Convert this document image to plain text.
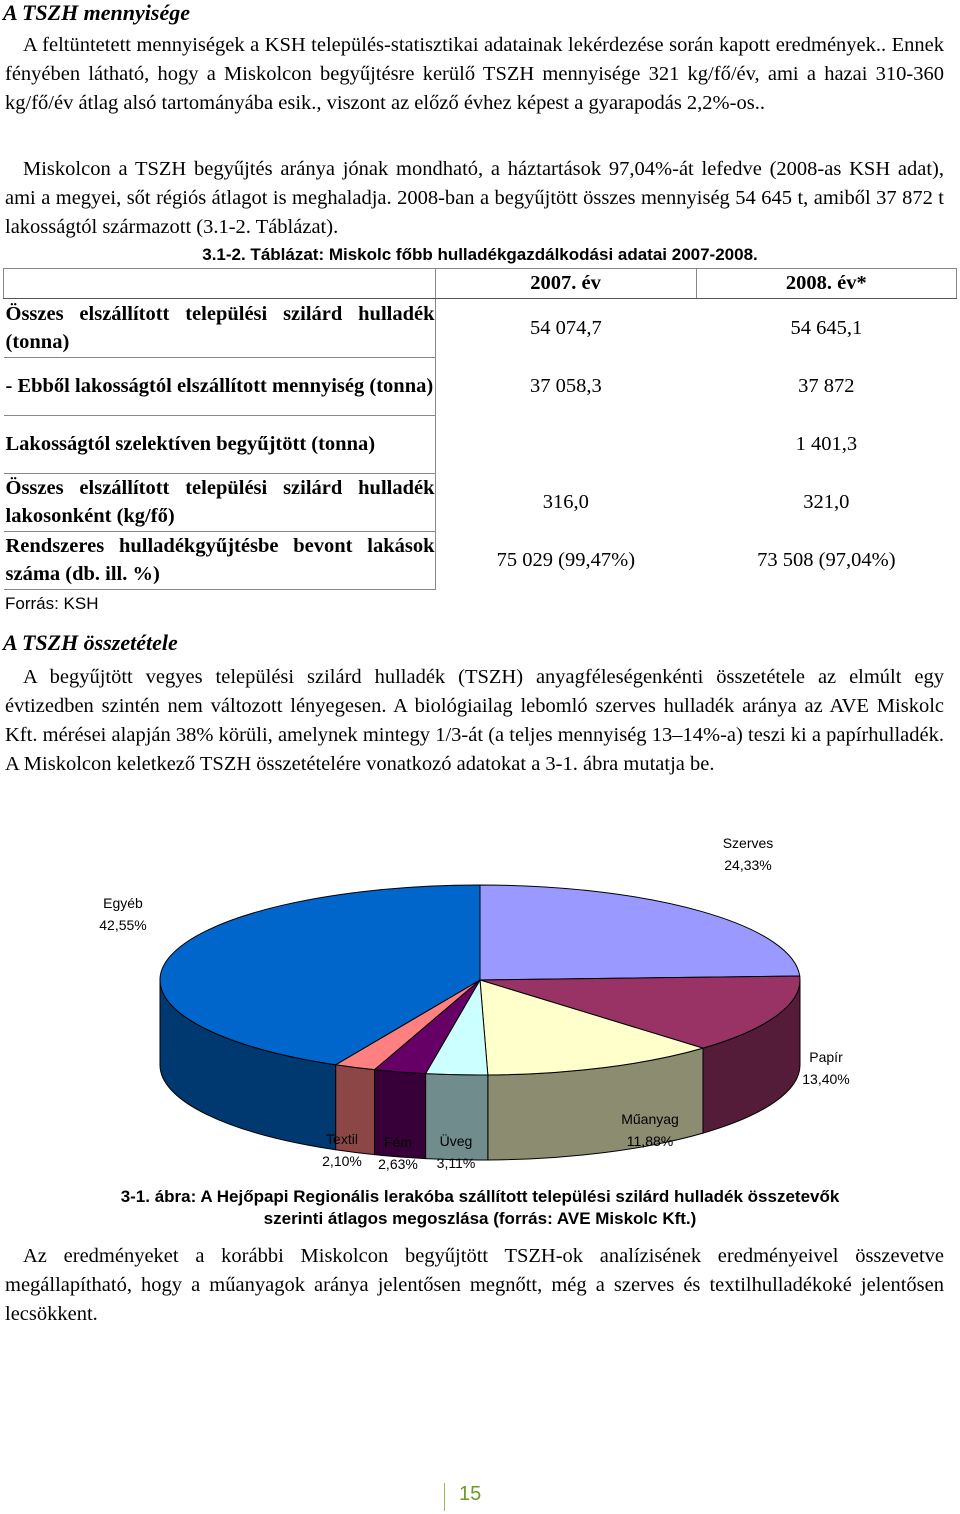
A TSZH mennyisége

A feltüntetett mennyiségek a KSH település-statisztikai adatainak lekérdezése során kapott eredmények.. Ennek fényében látható, hogy a Miskolcon begyűjtésre kerülő TSZH mennyisége 321 kg/fő/év, ami a hazai 310-360 kg/fő/év átlag alsó tartományába esik., viszont az előző évhez képest a gyarapodás 2,2%-os..

Miskolcon a TSZH begyűjtés aránya jónak mondható, a háztartások 97,04%-át lefedve (2008-as KSH adat), ami a megyei, sőt régiós átlagot is meghaladja. 2008-ban a begyűjtött összes mennyiség 54 645 t, amiből 37 872 t lakosságtól származott (3.1-2. Táblázat).

3.1-2. Táblázat: Miskolc főbb hulladékgazdálkodási adatai 2007-2008.
	2007. év	2008. év*
Összes elszállított települési szilárd hulladék (tonna)	54 074,7	54 645,1
- Ebből lakosságtól elszállított mennyiség (tonna)	37 058,3	37 872
Lakosságtól szelektíven begyűjtött (tonna)		1 401,3
Összes elszállított települési szilárd hulladék lakosonként (kg/fő)	316,0	321,0
Rendszeres hulladékgyűjtésbe bevont lakások száma (db. ill. %)	75 029 (99,47%)	73 508 (97,04%)
Forrás: KSH
A TSZH összetétele

A begyűjtött vegyes települési szilárd hulladék (TSZH) anyagféleségenkénti összetétele az elmúlt egy évtizedben szintén nem változott lényegesen. A biológiailag lebomló szerves hulladék aránya az AVE Miskolc Kft. mérései alapján 38% körüli, amelynek mintegy 1/3-át (a teljes mennyiség 13–14%-a) teszi ki a papírhulladék. A Miskolcon keletkező TSZH összetételére vonatkozó adatokat a 3-1. ábra mutatja be.

Szerves
24,33%
Papír
13,40%
Műanyag
11,88%
Üveg
3,11%
Fém
2,63%
Textil
2,10%
Egyéb
42,55%
3-1. ábra: A Hejőpapi Regionális lerakóba szállított települési szilárd hulladék összetevők
szerinti átlagos megoszlása (forrás: AVE Miskolc Kft.)

Az eredményeket a korábbi Miskolcon begyűjtött TSZH-ok analízisének eredményeivel összevetve megállapítható, hogy a műanyagok aránya jelentősen megnőtt, még a szerves és textilhulladékoké jelentősen lecsökkent.

15
